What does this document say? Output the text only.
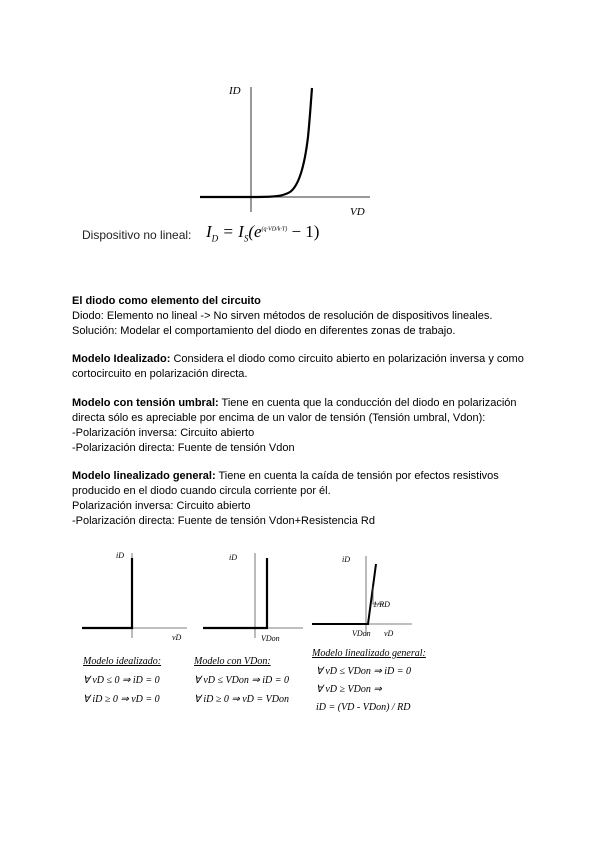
ID
VD
Dispositivo no lineal: $I_D = I_S(e^{(q\cdot VD/k\cdot T)} - 1)$

El diodo como elemento del circuito

Diodo: Elemento no lineal -> No sirven métodos de resolución de dispositivos lineales.

Solución: Modelar el comportamiento del diodo en diferentes zonas de trabajo.

Modelo Idealizado: Considera el diodo como circuito abierto en polarización inversa y como cortocircuito en polarización directa.

Modelo con tensión umbral: Tiene en cuenta que la conducción del diodo en polarización directa sólo es apreciable por encima de un valor de tensión (Tensión umbral, Vdon):

-Polarización inversa: Circuito abierto

-Polarización directa: Fuente de tensión Vdon

Modelo linealizado general: Tiene en cuenta la caída de tensión por efectos resistivos producido en el diodo cuando circula corriente por él.

Polarización inversa: Circuito abierto

-Polarización directa: Fuente de tensión Vdon+Resistencia Rd

iD
vD
iD
VDon
iD
1/RD
VDon vD
Modelo idealizado:
∀ vD ≤ 0 ⇒ iD = 0
∀ iD ≥ 0 ⇒ vD = 0
Modelo con VDon:
∀ vD ≤ VDon ⇒ iD = 0
∀ iD ≥ 0 ⇒ vD = VDon
Modelo linealizado general:
∀ vD ≤ VDon ⇒ iD = 0
∀ vD ≥ VDon ⇒
iD = (VD - VDon) / RD
